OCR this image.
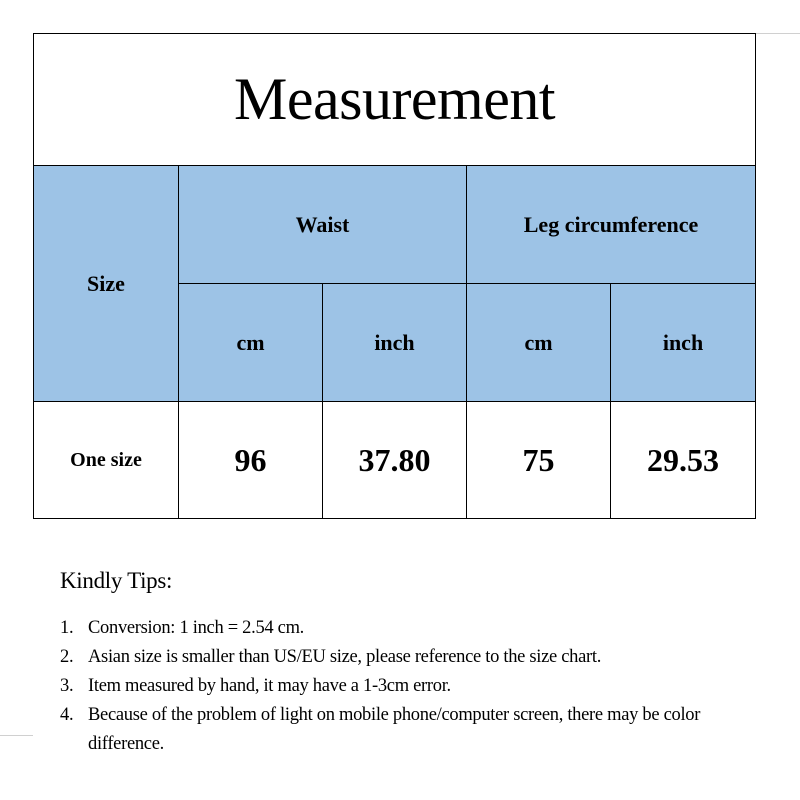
Measurement				
Size	Waist		Leg circumference	
	cm	inch	cm	inch
One size	96	37.80	75	29.53
Kindly Tips:
1. Conversion: 1 inch = 2.54 cm.
2. Asian size is smaller than US/EU size, please reference to the size chart.
3. Item measured by hand, it may have a 1-3cm error.
4. Because of the problem of light on mobile phone/computer screen, there may be color difference.
